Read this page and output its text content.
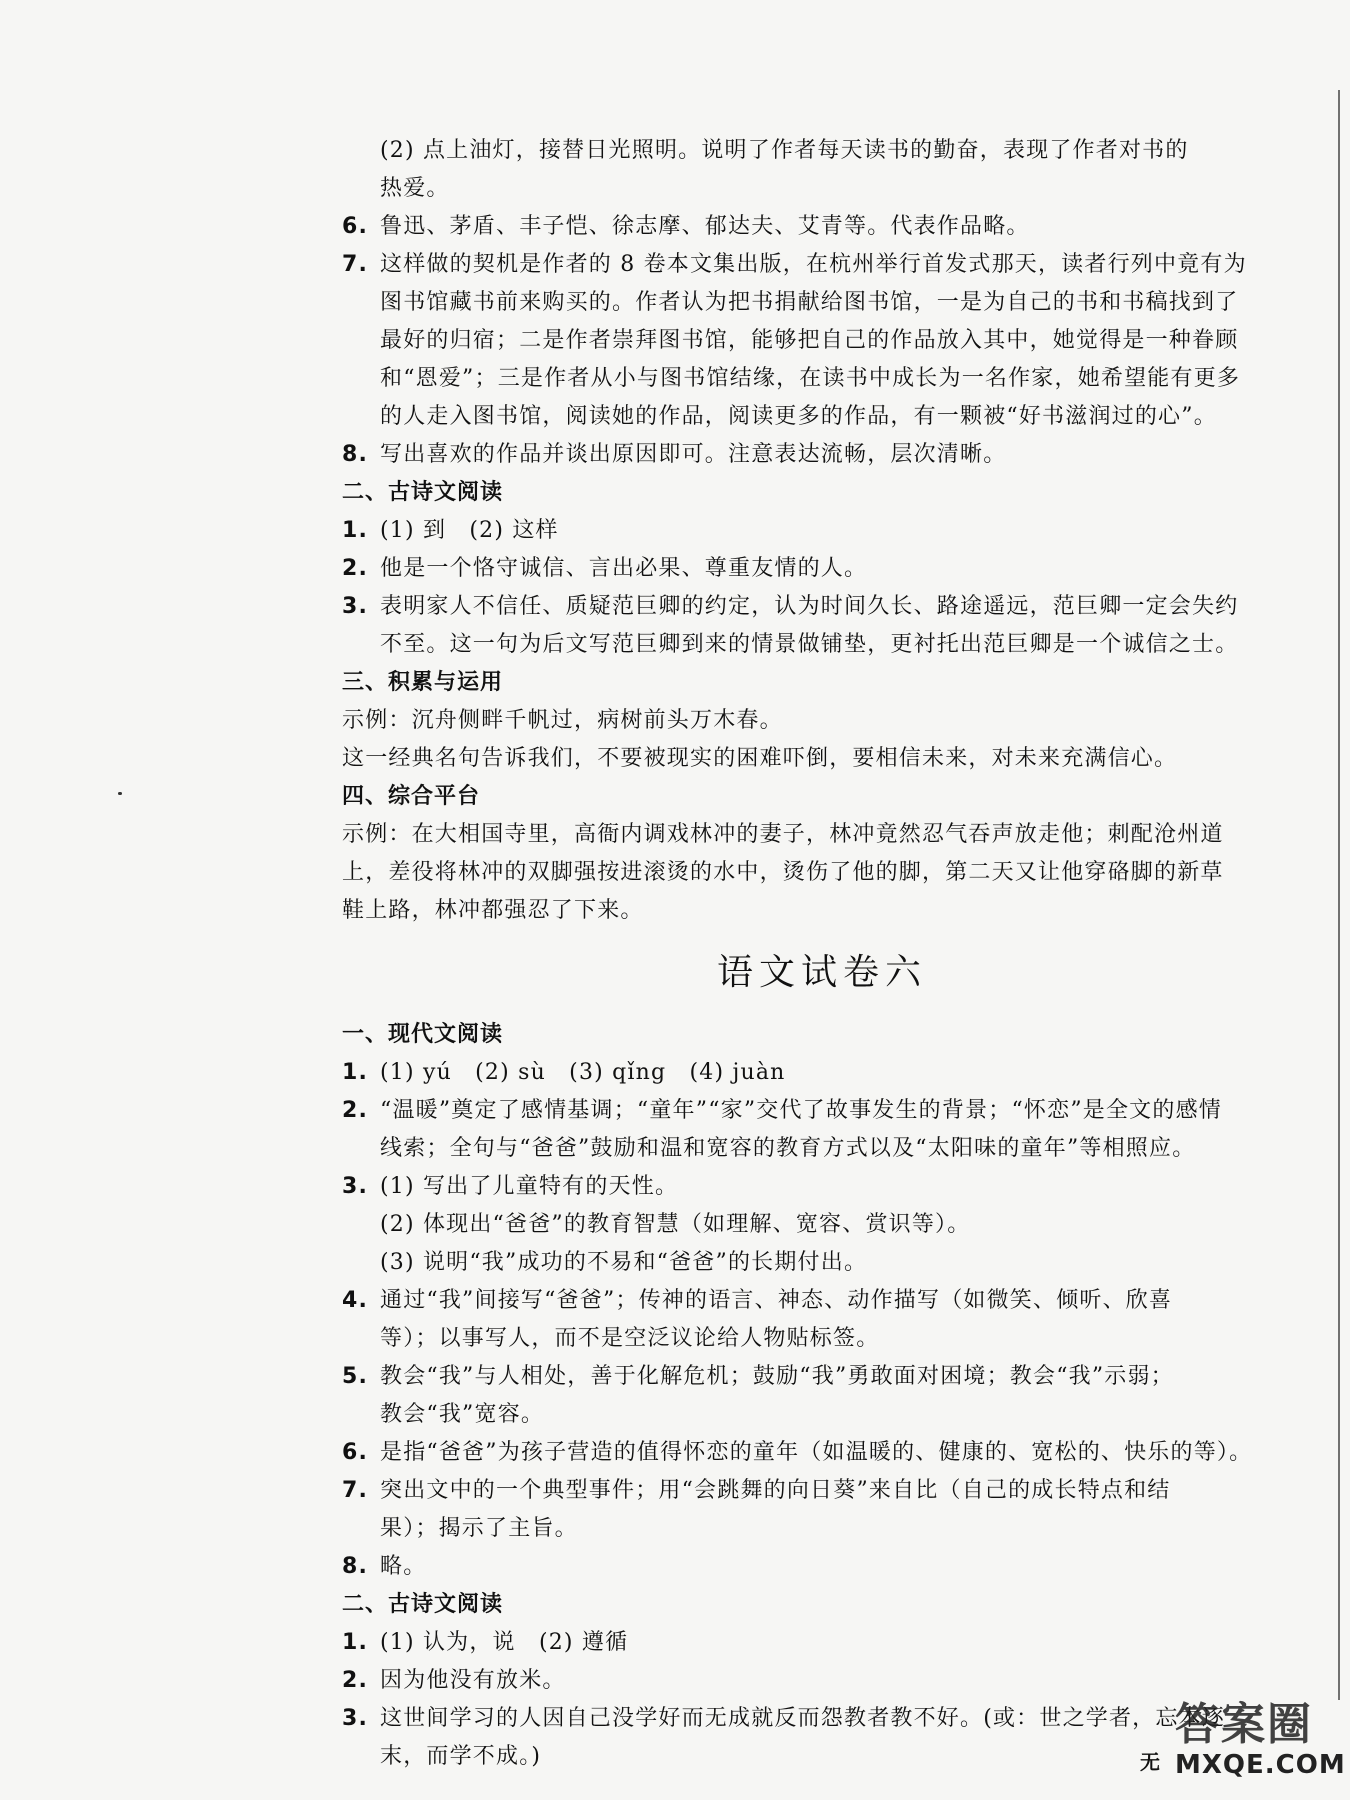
(2) 点上油灯，接替日光照明。说明了作者每天读书的勤奋，表现了作者对书的
热爱。
6. 鲁迅、茅盾、丰子恺、徐志摩、郁达夫、艾青等。代表作品略。
7. 这样做的契机是作者的 8 卷本文集出版，在杭州举行首发式那天，读者行列中竟有为
图书馆藏书前来购买的。作者认为把书捐献给图书馆，一是为自己的书和书稿找到了
最好的归宿；二是作者崇拜图书馆，能够把自己的作品放入其中，她觉得是一种眷顾
和“恩爱”；三是作者从小与图书馆结缘，在读书中成长为一名作家，她希望能有更多
的人走入图书馆，阅读她的作品，阅读更多的作品，有一颗被“好书滋润过的心”。
8. 写出喜欢的作品并谈出原因即可。注意表达流畅，层次清晰。
二、古诗文阅读
1. (1) 到　(2) 这样
2. 他是一个恪守诚信、言出必果、尊重友情的人。
3. 表明家人不信任、质疑范巨卿的约定，认为时间久长、路途遥远，范巨卿一定会失约
不至。这一句为后文写范巨卿到来的情景做铺垫，更衬托出范巨卿是一个诚信之士。
三、积累与运用
示例：沉舟侧畔千帆过，病树前头万木春。
这一经典名句告诉我们，不要被现实的困难吓倒，要相信未来，对未来充满信心。
四、综合平台
示例：在大相国寺里，高衙内调戏林冲的妻子，林冲竟然忍气吞声放走他；刺配沧州道
上，差役将林冲的双脚强按进滚烫的水中，烫伤了他的脚，第二天又让他穿硌脚的新草
鞋上路，林冲都强忍了下来。
语文试卷六
一、现代文阅读
1. (1) yú　(2) sù　(3) qǐng　(4) juàn
2. “温暖”奠定了感情基调；“童年”“家”交代了故事发生的背景；“怀恋”是全文的感情
线索；全句与“爸爸”鼓励和温和宽容的教育方式以及“太阳味的童年”等相照应。
3. (1) 写出了儿童特有的天性。
(2) 体现出“爸爸”的教育智慧（如理解、宽容、赏识等）。
(3) 说明“我”成功的不易和“爸爸”的长期付出。
4. 通过“我”间接写“爸爸”；传神的语言、神态、动作描写（如微笑、倾听、欣喜
等）；以事写人，而不是空泛议论给人物贴标签。
5. 教会“我”与人相处，善于化解危机；鼓励“我”勇敢面对困境；教会“我”示弱；
教会“我”宽容。
6. 是指“爸爸”为孩子营造的值得怀恋的童年（如温暖的、健康的、宽松的、快乐的等）。
7. 突出文中的一个典型事件；用“会跳舞的向日葵”来自比（自己的成长特点和结
果）；揭示了主旨。
8. 略。
二、古诗文阅读
1. (1) 认为，说　(2) 遵循
2. 因为他没有放米。
3. 这世间学习的人因自己没学好而无成就反而怨教者教不好。(或：世之学者，忘本逐
末，而学不成。)	无
答案圈
MXQE.COM
